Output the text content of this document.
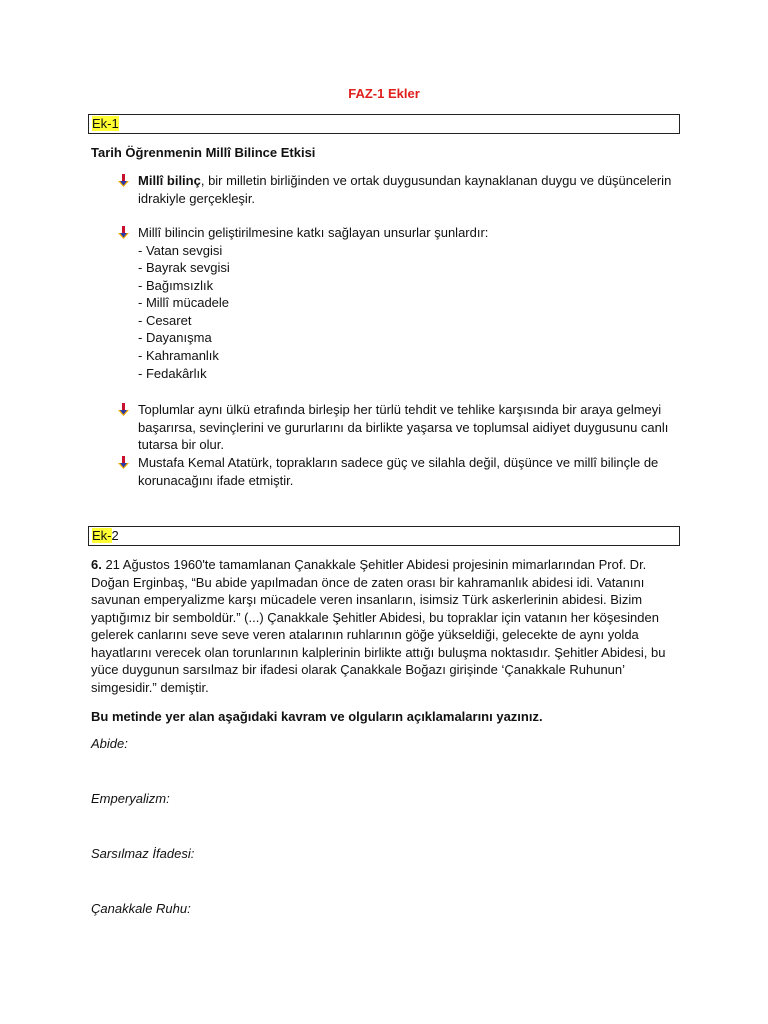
FAZ-1 Ekler
Ek-1
Tarih Öğrenmenin Millî Bilince Etkisi
Millî bilinç, bir milletin birliğinden ve ortak duygusundan kaynaklanan duygu ve düşüncelerin idrakiyle gerçekleşir.
Millî bilincin geliştirilmesine katkı sağlayan unsurlar şunlardır:
- Vatan sevgisi
- Bayrak sevgisi
- Bağımsızlık
- Millî mücadele
- Cesaret
- Dayanışma
- Kahramanlık
- Fedakârlık
Toplumlar aynı ülkü etrafında birleşip her türlü tehdit ve tehlike karşısında bir araya gelmeyi başarırsa, sevinçlerini ve gururlarını da birlikte yaşarsa ve toplumsal aidiyet duygusunu canlı tutarsa bir olur.
Mustafa Kemal Atatürk, toprakların sadece güç ve silahla değil, düşünce ve millî bilinçle de korunacağını ifade etmiştir.
Ek-2
6. 21 Ağustos 1960'te tamamlanan Çanakkale Şehitler Abidesi projesinin mimarlarından Prof. Dr. Doğan Erginbaş, “Bu abide yapılmadan önce de zaten orası bir kahramanlık abidesi idi. Vatanını savunan emperyalizme karşı mücadele veren insanların, isimsiz Türk askerlerinin abidesi. Bizim yaptığımız bir semboldür.” (...) Çanakkale Şehitler Abidesi, bu topraklar için vatanın her köşesinden gelerek canlarını seve seve veren atalarının ruhlarının göğe yükseldiği, gelecekte de aynı yolda hayatlarını verecek olan torunlarının kalplerinin birlikte attığı buluşma noktasıdır. Şehitler Abidesi, bu yüce duygunun sarsılmaz bir ifadesi olarak Çanakkale Boğazı girişinde ‘Çanakkale Ruhunun’ simgesidir.” demiştir.
Bu metinde yer alan aşağıdaki kavram ve olguların açıklamalarını yazınız.
Abide:
Emperyalizm:
Sarsılmaz İfadesi:
Çanakkale Ruhu:
